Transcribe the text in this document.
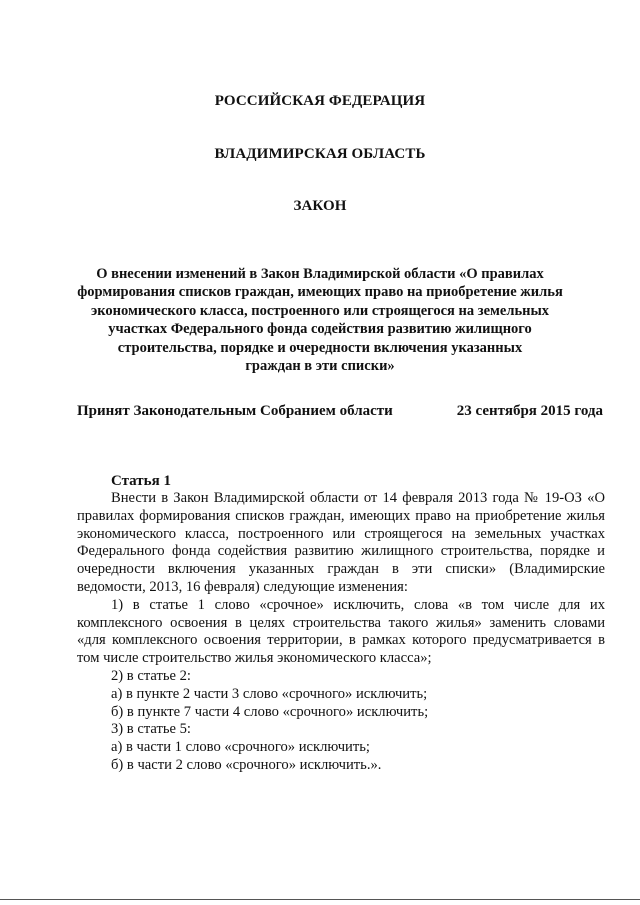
РОССИЙСКАЯ ФЕДЕРАЦИЯ
ВЛАДИМИРСКАЯ ОБЛАСТЬ
ЗАКОН
О внесении изменений в Закон Владимирской области «О правилах
формирования списков граждан, имеющих право на приобретение жилья
экономического класса, построенного или строящегося на земельных
участках Федерального фонда содействия развитию жилищного
строительства, порядке и очередности включения указанных
граждан в эти списки»
Принят Законодательным Собранием области	23 сентября 2015 года
Статья 1

Внести в Закон Владимирской области от 14 февраля 2013 года № 19-ОЗ «О правилах формирования списков граждан, имеющих право на приобретение жилья экономического класса, построенного или строящегося на земельных участках Федерального фонда содействия развитию жилищного строительства, порядке и очередности включения указанных граждан в эти списки» (Владимирские ведомости, 2013, 16 февраля) следующие изменения:

1) в статье 1 слово «срочное» исключить, слова «в том числе для их комплексного освоения в целях строительства такого жилья» заменить словами «для комплексного освоения территории, в рамках которого предусматривается в том числе строительство жилья экономического класса»;

2) в статье 2:

а) в пункте 2 части 3 слово «срочного» исключить;

б) в пункте 7 части 4 слово «срочного» исключить;

3) в статье 5:

а) в части 1 слово «срочного» исключить;

б) в части 2 слово «срочного» исключить.».
